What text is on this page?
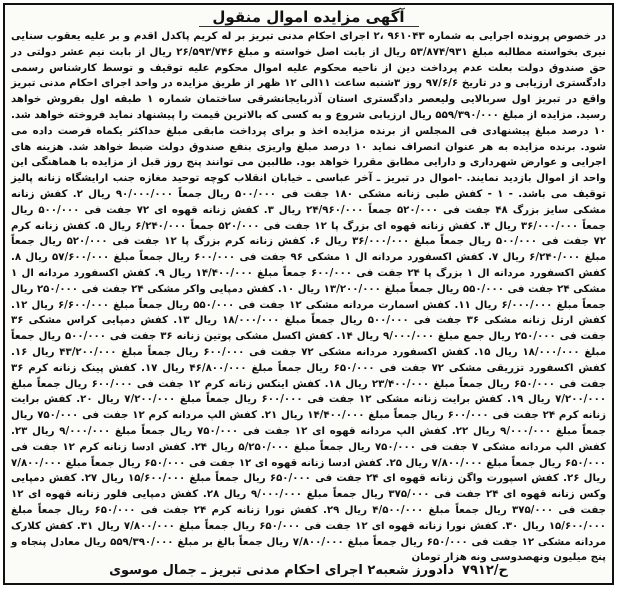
آگهی مزایده اموال منقول
در خصوص پرونده اجرایی به شماره ۹۶۱۰۴۳ ،۲ اجرای احکام مدنی تبریز بر له کریم پاکدل اقدم و بر علیه یعقوب سنایی نیری بخواسته مطالبه مبلغ ۵۳/۸۷۴/۹۳۱ ریال از بابت اصل خواسته و مبلغ ۲۶/۵۹۳/۷۴۶ ریال از بابت نیم عشر دولتی در حق صندوق دولت بعلت عدم پرداخت دین از ناحیه محکوم علیه اموال محکوم علیه توقیف و توسط کارشناس رسمی دادگستری ارزیابی و در تاریخ ۹۷/۶/۶ روز ۳شنبه ساعت ۱۱الی ۱۲ ظهر از طریق مزایده در واحد اجرای احکام مدنی تبریز واقع در تبریز اول سربالایی ولیعصر دادگستری استان آذربایجانشرقی ساختمان شماره ۱ طبقه اول بفروش خواهد رسید. مزایده از مبلغ ۵۵۹/۳۹۰/۰۰۰ ریال ارزیابی شروع و به کسی که بالاترین قیمت را پیشنهاد نماید فروخته خواهد شد. ۱۰ درصد مبلغ پیشنهادی فی المجلس از برنده مزایده اخذ و برای پرداخت مابقی مبلغ حداکثر یکماه فرصت داده می شود. برنده مزایده به هر عنوان انصراف نماید ۱۰ درصد مبلغ واریزی بنفع صندوق دولت ضبط خواهد شد. هزینه های اجرایی و عوارض شهرداری و دارایی مطابق مقررا خواهد بود. طالبین می توانند پنج روز قبل از مزایده با هماهنگی این واحد از اموال بازدید نمایند. -اموال در تبریز ـ آخر عباسی ـ خیابان انقلاب کوچه توحید مغازه جنب ارایشگاه زنانه پالیز توقیف می باشد. - ۱ - کفش طبی زنانه مشکی ۱۸۰ جفت فی ۵۰۰/۰۰۰ ریال جمعاً ۹۰/۰۰۰/۰۰۰ ریال ۲. کفش زنانه مشکی سایز بزرگ ۴۸ جفت فی ۵۲۰/۰۰۰ جمعاً ۲۴/۹۶۰/۰۰۰ ریال ۳. کفش زنانه قهوه ای ۷۲ جفت فی ۵۰۰/۰۰۰ ریال جمعاً ۳۶/۰۰۰/۰۰۰ ریال ۴. کفش زنانه قهوه ای بزرگ پا ۱۲ جفت فی ۵۲۰/۰۰۰ جمعاً ۶/۲۴۰/۰۰۰ ریال ۵. کفش زنانه کرم ۷۲ جفت فی ۵۰۰/۰۰۰ ریال جمعاً مبلغ ۳۶/۰۰۰/۰۰۰ ریال ۶. کفش زنانه کرم بزرگ پا ۱۲ جفت فی ۵۲۰/۰۰۰ ریال جمعاً مبلغ ۶/۲۴۰/۰۰۰ ریال ۷. کفش اکسفورد مردانه ال ۱ مشکی ۹۶ جفت فی ۶۰۰/۰۰۰ ریال جمعاً مبلغ ۵۷/۶۰۰/۰۰۰ ریال ۸. کفش اکسفورد مردانه ال ۱ بزرگ پا ۲۴ جفت فی ۶۰۰/۰۰۰ جمعاً مبلغ ۱۴/۴۰۰/۰۰۰ ریال ۹. کفش اکسفورد مردانه ال ۱ مشکی ۲۴ جفت فی ۵۵۰/۰۰۰ ریال جمعاً مبلغ ۱۳/۲۰۰/۰۰۰ ریال ۱۰. کفش دمپایی واکر مشکی ۲۴ جفت فی ۲۵۰/۰۰۰ ریال جمعاً مبلغ ۶/۰۰۰/۰۰۰ ریال ۱۱. کفش اسمارت مردانه مشکی ۱۲ جفت فی ۵۵۰/۰۰۰ ریال جمعاً مبلغ ۶/۶۰۰/۰۰۰ ریال ۱۲. کفش ارتل زنانه مشکی ۳۶ جفت فی ۵۰۰/۰۰۰ ریال جمعاً مبلغ ۱۸/۰۰۰/۰۰۰ ریال ۱۳. کفش دمپایی کراس مشکی ۳۶ جفت فی ۲۵۰/۰۰۰ ریال جمع مبلغ ۹/۰۰۰/۰۰۰ ریال ۱۴. کفش اکسل مشکی پوتین زنانه ۳۶ جفت فی ۵۰۰/۰۰۰ ریال جمعاً مبلغ ۱۸/۰۰۰/۰۰۰ ریال ۱۵. کفش اکسفورد مردانه مشکی ۷۲ جفت فی ۶۰۰/۰۰۰ ریال جمعاً مبلغ ۴۳/۲۰۰/۰۰۰ ریال ۱۶. کفش اکسفورد تزریقی مشکی ۷۲ جفت فی ۶۵۰/۰۰۰ ریال جمعاً مبلغ ۴۶/۸۰۰/۰۰۰ ریال ۱۷. کفش پینک زنانه کرم ۳۶ جفت فی ۶۵۰/۰۰۰ ریال جمعاً مبلغ ۲۳/۴۰۰/۰۰۰ ریال ۱۸. کفش اینکس زنانه کرم ۱۲ جفت فی ۶۰۰/۰۰۰ ریال جمعاً مبلغ ۷/۲۰۰/۰۰۰ ریال ۱۹. کفش برایت زنانه مشکی ۱۲ جفت فی ۶۰۰/۰۰۰ ریال جمعاً مبلغ ۷/۲۰۰/۰۰۰ ریال ۲۰. کفش برایت زنانه کرم ۲۴ جفت فی ۶۰۰/۰۰۰ ریال جمعاً مبلغ ۱۴/۴۰۰/۰۰۰ ریال ۲۱. کفش الپ مردانه کرم ۱۲ جفت فی ۷۵۰/۰۰۰ ریال جمعاً مبلغ ۹/۰۰۰/۰۰۰ ریال ۲۲. کفش الپ مردانه قهوه ای ۱۲ جفت فی ۷۵۰/۰۰۰ ریال جمعاً مبلغ ۹/۰۰۰/۰۰۰ ریال ۲۳. کفش الپ مردانه مشکی ۷ جفت فی ۷۵۰/۰۰۰ ریال جمعاً مبلغ ۵/۲۵۰/۰۰۰ ریال ۲۴. کفش ادسا زنانه کرم ۱۲ جفت فی ۶۵۰/۰۰۰ ریال جمعاً مبلغ ۷/۸۰۰/۰۰۰ ریال ۲۵. کفش ادسا زنانه قهوه ای ۱۲ جفت فی ۶۵۰/۰۰۰ ریال جمعاً مبلغ ۷/۸۰۰/۰۰۰ ریال ۲۶. کفش اسپورت واگن زنانه قهوه ای ۲۴ جفت فی ۶۵۰/۰۰۰ ریال جمعاً مبلغ ۱۵/۶۰۰/۰۰۰ ریال ۲۷. کفش دمپایی وکس زنانه قهوه ای ۲۴ جفت فی ۳۷۵/۰۰۰ ریال جمعاً مبلغ ۹/۰۰۰/۰۰۰ ریال ۲۸. کفش دمپایی فلور زنانه قهوه ای ۱۲ جفت فی ۳۷۵/۰۰۰ ریال جمعاً مبلغ ۴/۵۰۰/۰۰۰ ریال ۲۹. کفش نورا زنانه کرم ۲۴ جفت فی ۶۵۰/۰۰۰ ریال جمعاً مبلغ ۱۵/۶۰۰/۰۰۰ ریال ۳۰. کفش نورا زنانه قهوه ای ۱۲ جفت فی ۶۵۰/۰۰۰ ریال جمعاً مبلغ ۷/۸۰۰/۰۰۰ ریال ۳۱. کفش کلارک مردانه مشکی ۱۲ جفت فی ۶۵۰/۰۰۰ ریال جمعاً مبلغ ۷/۸۰۰/۰۰۰ ریال جمعاً بالغ بر مبلغ ۵۵۹/۳۹۰/۰۰۰ ریال معادل پنجاه و پنج میلیون ونهصدوسی ونه هزار تومان
ح/۷۹۱۲دادورز شعبه۲ اجرای احکام مدنی تبریز ـ جمال موسوی
